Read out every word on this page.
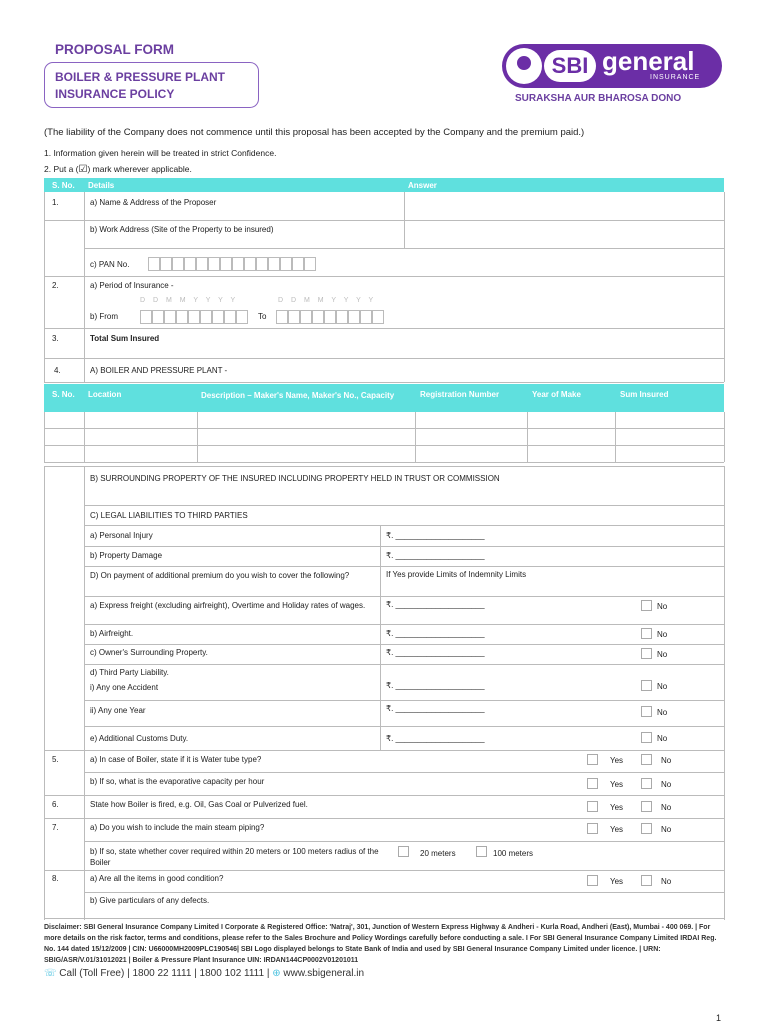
PROPOSAL FORM
BOILER & PRESSURE PLANT
INSURANCE POLICY
SBI general
INSURANCE
SURAKSHA AUR BHAROSA DONO
(The liability of the Company does not commence until this proposal has been accepted by the Company and the premium paid.)
1. Information given herein will be treated in strict Confidence.
2. Put a (☑) mark wherever applicable.
S. No. Details	Answer
1.	a) Name & Address of the Proposer
b) Work Address (Site of the Property to be insured)
c) PAN No.
2.	a) Period of Insurance -
D D M M Y Y Y Y	D D M M Y Y Y Y
b) From	To
3.	Total Sum Insured
4.	A) BOILER AND PRESSURE PLANT -
S. No. Location	Description – Maker's Name, Maker's No., Capacity	Registration Number	Year of Make	Sum Insured
B) SURROUNDING PROPERTY OF THE INSURED INCLUDING PROPERTY HELD IN TRUST OR COMMISSION
C) LEGAL LIABILITIES TO THIRD PARTIES
a) Personal Injury	₹. ____________________
b) Property Damage	₹. ____________________
D) On payment of additional premium do you wish to cover the following?	If Yes provide Limits of Indemnity Limits
a) Express freight (excluding airfreight), Overtime and Holiday rates of wages.	₹. ____________________	No
b) Airfreight.	₹. ____________________	No
c) Owner's Surrounding Property.	₹. ____________________	No
d) Third Party Liability.
i) Any one Accident	₹. ____________________	No
ii) Any one Year	₹. ____________________	No
e) Additional Customs Duty.	₹. ____________________	No
5.	a) In case of Boiler, state if it is Water tube type?	Yes	No
b) If so, what is the evaporative capacity per hour	Yes	No
6.	State how Boiler is fired, e.g. Oil, Gas Coal or Pulverized fuel.	Yes	No
7.	a) Do you wish to include the main steam piping?	Yes	No
b) If so, state whether cover required within 20 meters or 100 meters radius of the Boiler
20 meters	100 meters
8.	a) Are all the items in good condition?	Yes	No
b) Give particulars of any defects.
Disclaimer: SBI General Insurance Company Limited I Corporate & Registered Office: 'Natraj', 301, Junction of Western Express Highway & Andheri - Kurla Road, Andheri (East), Mumbai - 400 069. | For more details on the risk factor, terms and conditions, please refer to the Sales Brochure and Policy Wordings carefully before conducting a sale. I For SBI General Insurance Company Limited IRDAI Reg. No. 144 dated 15/12/2009 | CIN: U66000MH2009PLC190546| SBI Logo displayed belongs to State Bank of India and used by SBI General Insurance Company Limited under licence. | URN: SBIG/ASR/V.01/31012021 | Boiler & Pressure Plant Insurance UIN: IRDAN144CP0002V01201011
☏ Call (Toll Free) | 1800 22 1111 | 1800 102 1111 | ⊕ www.sbigeneral.in
1
